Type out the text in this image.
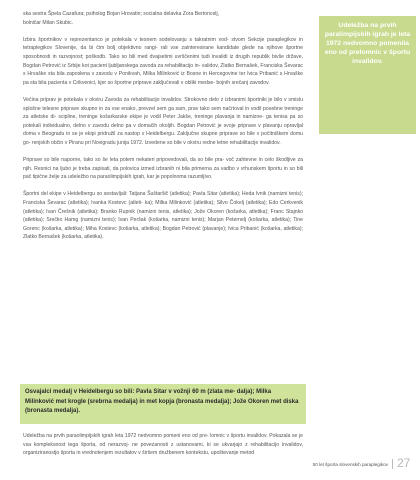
ska sestra Špela Cazafura; psiholog Bojan Hrovatin; socialna delavka Zora Bertoncelj,

bolničar Milan Skubic.

Izbira športnikov v reprezentanco je potekala v tesnem sodelovanju s takratnim vod- stvom Sekcije paraplegikov in tetraplegikov Slovenije, da bi čim bolj objektivno rangi- rali vse zainteresirane kandidate glede na njihove športne sposobnosti in razvojnost; poškodb. Tako so bili med dvajsetimi uvrščenimi tudi invalidi iz drugih republik bivše države, Bogdan Petrović iz Srbije kot pacient ljubljanskega zavoda za rehabilitacijo in- validov, Zlatko Bernašek, Franciska Ševarac s Hrvaške sta bila zaposlena v zavodu v Ponikvah, Milka Milinković iz Bosne in Hercegovine ter Ivica Pribanić s Hrvaške pa sta bila pacienta v Crikvenici, kjer so športne priprave zaključevali v obliki medse- bojnih srečanj zavodov.

Večina priprav je potekala v okviru Zavoda za rehabilitacijo invalidov. Strokovno delo z izbranimi športniki je bilo v smislu splošne telesne priprave skupno in za vse enako, prevzel sem ga sam, prav tako sem načrtoval in vodil posebne treninge za atletske di- scipline, treninge košarkarske ekipe je vodil Peter Jakše, treninge plavanja in namizne- ga tenisa pa so potekali individualno, delno v zavodu delno pa v domačih okoljih. Bogdan Petrović je svoje priprave v plavanju opravljal doma v Beogradu in se je ekipi pridružil za nastop v Heidelbergu. Zaključne skupne priprave so bile v počitniškem domu go- renjskih občin v Piranu pri Novigradu junija 1972. Izvedene so bile v okviru redne letne rehabilitacije invalidov.

Priprave so bile naporne, tako so še leta potem nekateri pripovedovali, da so bile pra- voč zahtevne in celo škodljive za njih. Resnici na ljubo je treba zapisati, da polovica izmed izbranih ni bila primerna za vadbo v vrhunskem športu in so bili pač tipične želje za udeležbo na paraolimpijskih igrah, kar je popolnoma razumljivo.

Športni del ekipe v Heidelbergu so sestavljali: Tatjana Šuštaršič (atletika); Pavla Sitar (atletika); Heda Ivnik (namizni tenis); Franciska Ševarac (atletika); Ivanka Kostevc (atleti- ka); Milka Milinković (atletika); Silvo Čokelj (atletika); Edo Cerkvenik (atletika); Ivan Črešnik (atletika); Branko Rupnik (namizni tenis, atletika); Jože Okoren (košarka, atletika); Franc Stajnko (atletika); Srečko Hamg (namizni tenis); Ivan Peršak (košarka, namizni tenis); Marjan Peternelj (košarka, atletika); Tine Gorenc (košarka, atletika); Miha Kostevc (košarka, atletika); Bogdan Petrović (plavanje); Ivica Pribanić (košarka, atletika); Zlatko Bernašek (košarka, atletika).

Osvajalci medalj v Heidelbergu so bili: Pavla Sitar v vožnji 60 m (zlata me- dalja); Milka Milinković met krogle (srebrna medalja) in met kopja (bronasta medalja); Jože Okoren met diska (bronasta medalja).

Udeležba na prvih paraolimpijskih igrah leta 1972 nedvomno pomeni eno od pre- lomnic v športu invalidov. Pokazala se je vsa kompleksnost tega športa, od nerazvoj- ne povezanosti z ustanovami, ki se ukvarjajo z rehabilitacijo invalidov, organiziranostjo športa in vrednotenjem rezultatov v širšem družbenem kontekstu, upoštevanje metod

Udeležba na prvih paralimpijskih igrah je leta 1972 nedvomno pomenila eno od prelomnic v športu invalidov.
50 let športa slovenskih paraplegikov 27
